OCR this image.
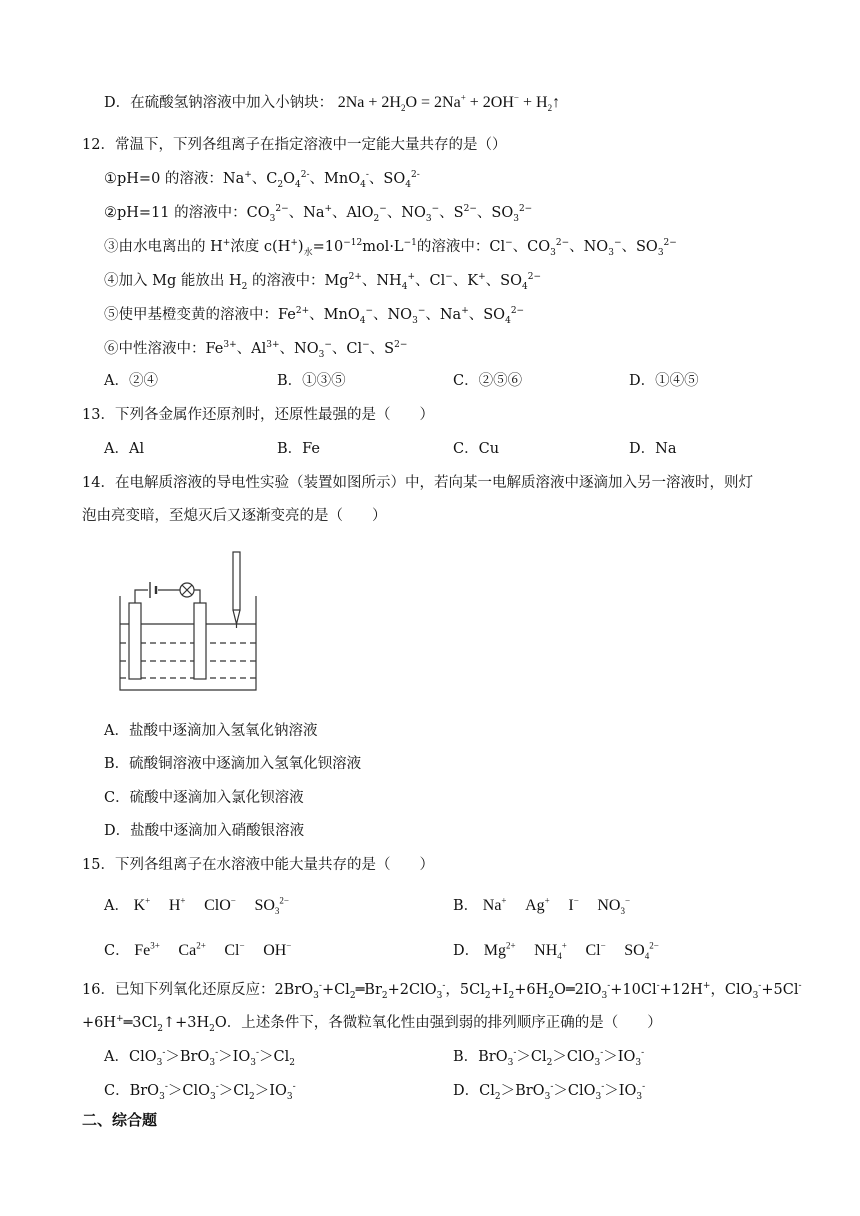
D．在硫酸氢钠溶液中加入小钠块： $2Na + 2H_2O = 2Na^+ + 2OH^-$ + $H_2↑$
12．常温下，下列各组离子在指定溶液中一定能大量共存的是（）
①pH=0 的溶液：Na+、$C_2O_4^{2-}$、MnO$_4$-、$SO_4^{2-}$
②pH=11 的溶液中：$CO_3^{2-}$、Na+、AlO$_2$−、$NO_3^-$、$S^{2-}$、$SO_3^{2-}$
③由水电离出的 H+浓度 $c(H^+)_水=10^{-12}mol\cdot L^{-1}$的溶液中：Cl−、$CO_3^{2-}$、$NO_3^-$、$SO_3^{2-}$
④加入 Mg 能放出 $H_2$ 的溶液中：$Mg^{2+}$、$NH_4^+$、Cl−、K+、$SO_4^{2-}$
⑤使甲基橙变黄的溶液中：$Fe^{2+}$、MnO$_4$−、$NO_3^-$、Na+、$SO_4^{2-}$
⑥中性溶液中：$Fe^{3+}$、$Al^{3+}$、$NO_3^-$、Cl−、$S^{2-}$
A．②④	B．①③⑤	C．②⑤⑥	D．①④⑤
13．下列各金属作还原剂时，还原性最强的是（　　）
A．Al	B．Fe	C．Cu	D．Na
14．在电解质溶液的导电性实验（装置如图所示）中，若向某一电解质溶液中逐滴加入另一溶液时，则灯
泡由亮变暗，至熄灭后又逐渐变亮的是（　　）
A．盐酸中逐滴加入氢氧化钠溶液
B．硫酸铜溶液中逐滴加入氢氧化钡溶液
C．硫酸中逐滴加入氯化钡溶液
D．盐酸中逐滴加入硝酸银溶液
15．下列各组离子在水溶液中能大量共存的是（　　）
A． K+ H+ ClO− $SO_3^{2-}$	B． Na+ Ag+ I− $NO_3^-$
C． $Fe^{3+}$ $Ca^{2+}$ Cl− OH−	D． $Mg^{2+}$ $NH_4^+$ Cl− $SO_4^{2-}$
16．已知下列氧化还原反应：$2BrO_3^-+Cl_2═Br_2+2ClO_3^-$，$5Cl_2+I_2+6H_2O═2IO_3^-+10Cl^-+12H^+$，ClO$_3$-+5Cl-
$+6H^+═3Cl_2↑+3H_2O$．上述条件下，各微粒氧化性由强到弱的排列顺序正确的是（　　）
A．$ClO_3^->BrO_3^->IO_3^->Cl_2$	B．$BrO_3^->Cl_2>ClO_3^->IO_3^-$
C．$BrO_3^->ClO_3^->Cl_2>IO_3^-$	D．$Cl_2>BrO_3^->ClO_3^->IO_3^-$
二、综合题
